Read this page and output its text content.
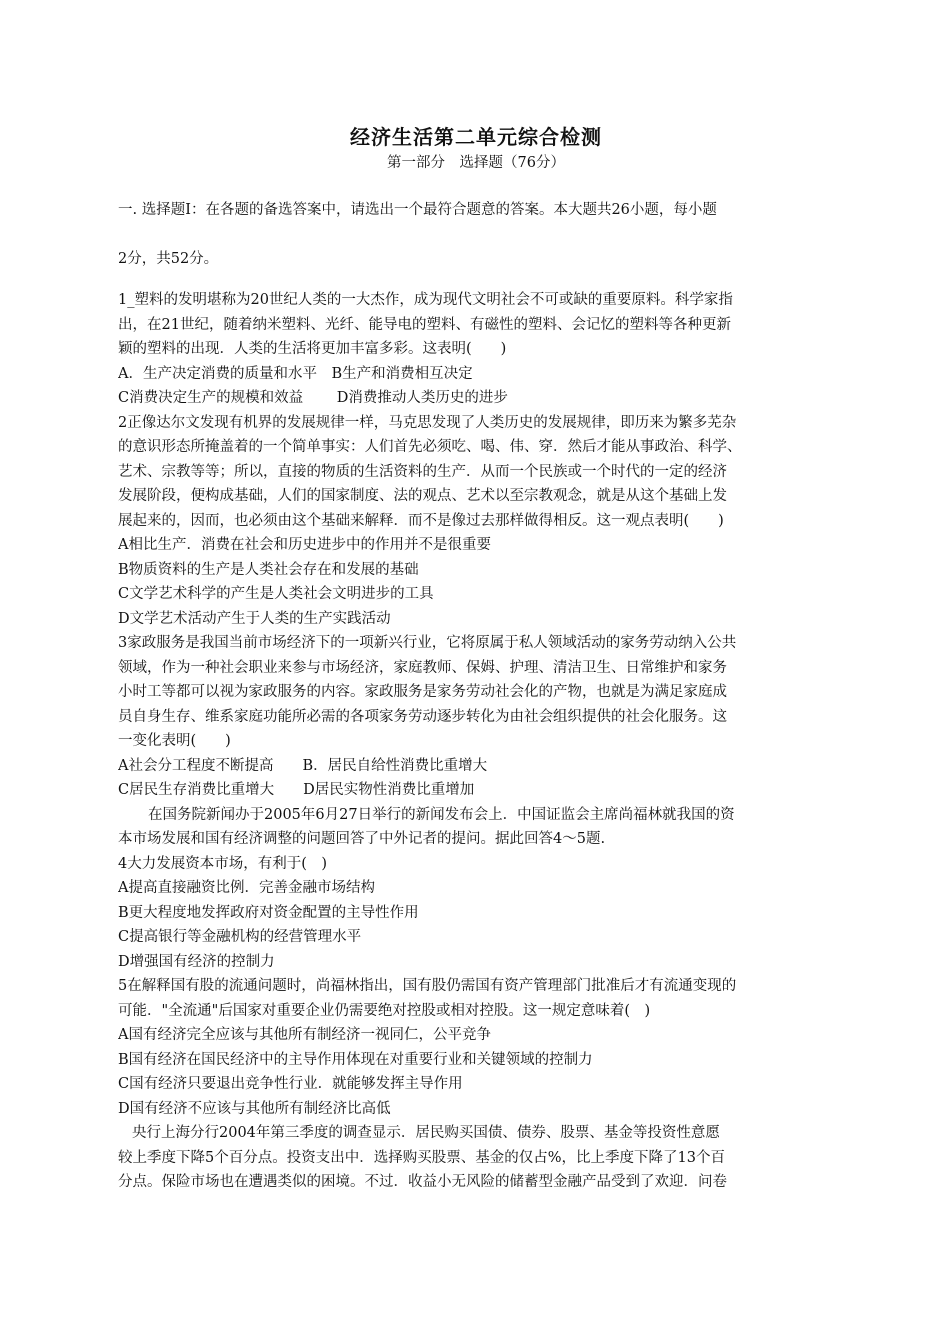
经济生活第二单元综合检测
第一部分　选择题（76分）
一. 选择题Ⅰ：在各题的备选答案中，请选出一个最符合题意的答案。本大题共26小题，每小题
2分，共52分。
1_塑料的发明堪称为20世纪人类的一大杰作，成为现代文明社会不可或缺的重要原料。科学家指
出，在21世纪，随着纳米塑料、光纤、能导电的塑料、有磁性的塑料、会记忆的塑料等各种更新
颖的塑料的出现．人类的生活将更加丰富多彩。这表明(　　)
A．生产决定消费的质量和水平　B生产和消费相互决定
C消费决定生产的规模和效益　　 D消费推动人类历史的进步
2正像达尔文发现有机界的发展规律一样，马克思发现了人类历史的发展规律，即历来为繁多芜杂
的意识形态所掩盖着的一个简单事实：人们首先必须吃、喝、伟、穿．然后才能从事政治、科学、
艺术、宗教等等；所以，直接的物质的生活资料的生产．从而一个民族或一个时代的一定的经济
发展阶段，便构成基础，人们的国家制度、法的观点、艺术以至宗教观念，就是从这个基础上发
展起来的，因而，也必须由这个基础来解释．而不是像过去那样做得相反。这一观点表明(　　)
A相比生产．消费在社会和历史进步中的作用并不是很重要
B物质资料的生产是人类社会存在和发展的基础
C文学艺术科学的产生是人类社会文明进步的工具
D文学艺术活动产生于人类的生产实践活动
3家政服务是我国当前市场经济下的一项新兴行业，它将原属于私人领域活动的家务劳动纳入公共
领域，作为一种社会职业来参与市场经济，家庭教师、保姆、护理、清洁卫生、日常维护和家务
小时工等都可以视为家政服务的内容。家政服务是家务劳动社会化的产物，也就是为满足家庭成
员自身生存、维系家庭功能所必需的各项家务劳动逐步转化为由社会组织提供的社会化服务。这
一变化表明(　　)
A社会分工程度不断提高　　B．居民自给性消费比重增大
C居民生存消费比重增大　　D居民实物性消费比重增加
在国务院新闻办于2005年6月27日举行的新闻发布会上．中国证监会主席尚福林就我国的资
本市场发展和国有经济调整的问题回答了中外记者的提问。据此回答4～5题.
4大力发展资本市场，有利于(　)
A提高直接融资比例．完善金融市场结构
B更大程度地发挥政府对资金配置的主导性作用
C提高银行等金融机构的经营管理水平
D增强国有经济的控制力
5在解释国有股的流通问题时，尚福林指出，国有股仍需国有资产管理部门批准后才有流通变现的
可能．"全流通"后国家对重要企业仍需要绝对控股或相对控股。这一规定意味着(　)
A国有经济完全应该与其他所有制经济一视同仁，公平竞争
B国有经济在国民经济中的主导作用体现在对重要行业和关键领域的控制力
C国有经济只要退出竞争性行业．就能够发挥主导作用
D国有经济不应该与其他所有制经济比高低
央行上海分行2004年第三季度的调查显示．居民购买国债、债券、股票、基金等投资性意愿
较上季度下降5个百分点。投资支出中．选择购买股票、基金的仅占%，比上季度下降了13个百
分点。保险市场也在遭遇类似的困境。不过．收益小无风险的储蓄型金融产品受到了欢迎．问卷
